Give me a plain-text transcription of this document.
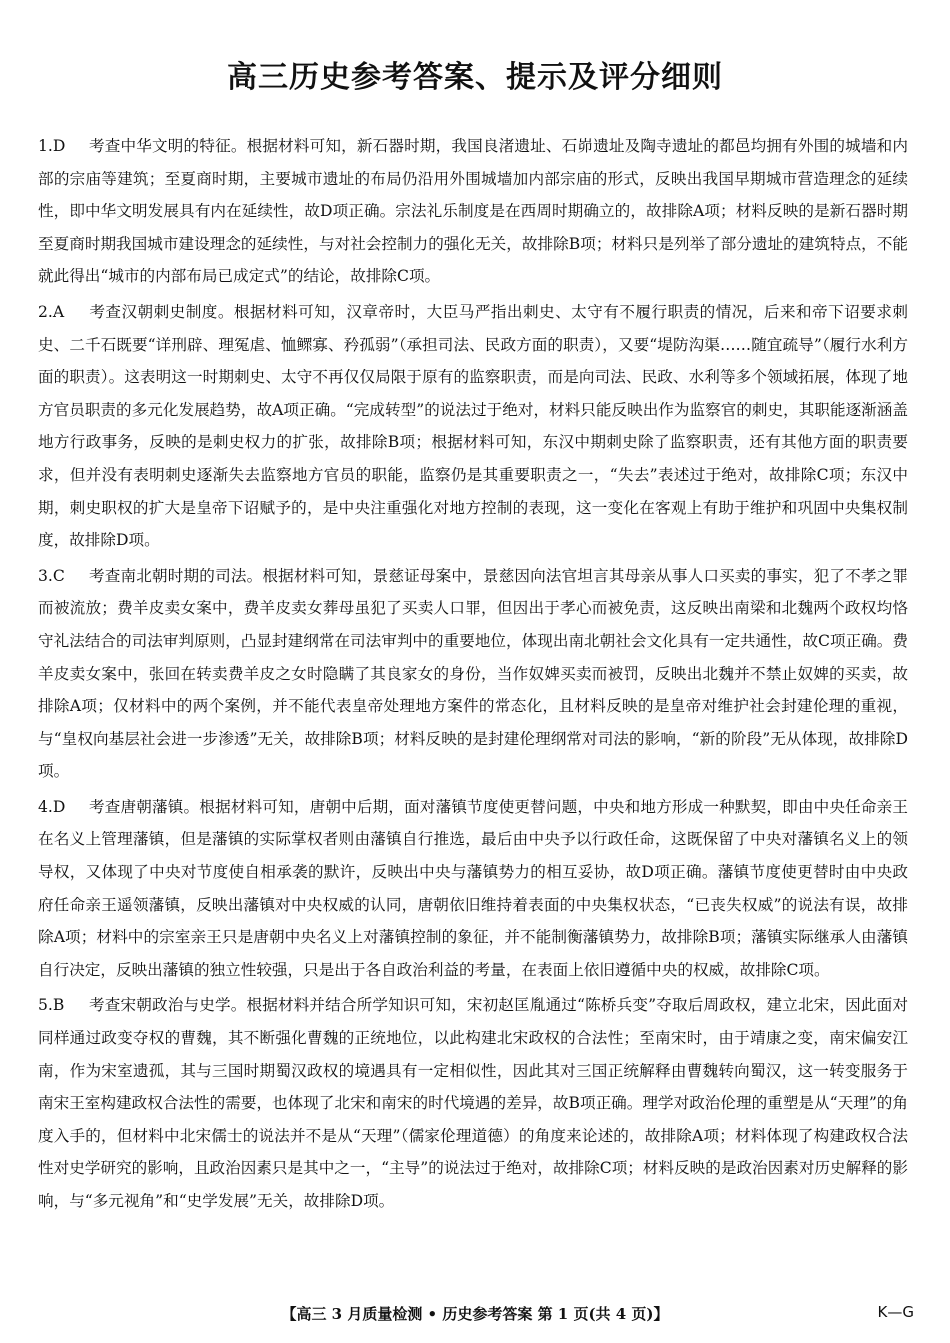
高三历史参考答案、提示及评分细则

1.D 考查中华文明的特征。根据材料可知，新石器时期，我国良渚遗址、石峁遗址及陶寺遗址的都邑均拥有外围的城墙和内部的宗庙等建筑；至夏商时期，主要城市遗址的布局仍沿用外围城墙加内部宗庙的形式，反映出我国早期城市营造理念的延续性，即中华文明发展具有内在延续性，故D项正确。宗法礼乐制度是在西周时期确立的，故排除A项；材料反映的是新石器时期至夏商时期我国城市建设理念的延续性，与对社会控制力的强化无关，故排除B项；材料只是列举了部分遗址的建筑特点，不能就此得出“城市的内部布局已成定式”的结论，故排除C项。

2.A 考查汉朝刺史制度。根据材料可知，汉章帝时，大臣马严指出刺史、太守有不履行职责的情况，后来和帝下诏要求刺史、二千石既要“详刑辟、理冤虐、恤鳏寡、矜孤弱”（承担司法、民政方面的职责），又要“堤防沟渠……随宜疏导”（履行水利方面的职责）。这表明这一时期刺史、太守不再仅仅局限于原有的监察职责，而是向司法、民政、水利等多个领域拓展，体现了地方官员职责的多元化发展趋势，故A项正确。“完成转型”的说法过于绝对，材料只能反映出作为监察官的刺史，其职能逐渐涵盖地方行政事务，反映的是刺史权力的扩张，故排除B项；根据材料可知，东汉中期刺史除了监察职责，还有其他方面的职责要求，但并没有表明刺史逐渐失去监察地方官员的职能，监察仍是其重要职责之一，“失去”表述过于绝对，故排除C项；东汉中期，刺史职权的扩大是皇帝下诏赋予的，是中央注重强化对地方控制的表现，这一变化在客观上有助于维护和巩固中央集权制度，故排除D项。

3.C 考查南北朝时期的司法。根据材料可知，景慈证母案中，景慈因向法官坦言其母亲从事人口买卖的事实，犯了不孝之罪而被流放；费羊皮卖女案中，费羊皮卖女葬母虽犯了买卖人口罪，但因出于孝心而被免责，这反映出南梁和北魏两个政权均恪守礼法结合的司法审判原则，凸显封建纲常在司法审判中的重要地位，体现出南北朝社会文化具有一定共通性，故C项正确。费羊皮卖女案中，张回在转卖费羊皮之女时隐瞒了其良家女的身份，当作奴婢买卖而被罚，反映出北魏并不禁止奴婢的买卖，故排除A项；仅材料中的两个案例，并不能代表皇帝处理地方案件的常态化，且材料反映的是皇帝对维护社会封建伦理的重视，与“皇权向基层社会进一步渗透”无关，故排除B项；材料反映的是封建伦理纲常对司法的影响，“新的阶段”无从体现，故排除D项。

4.D 考查唐朝藩镇。根据材料可知，唐朝中后期，面对藩镇节度使更替问题，中央和地方形成一种默契，即由中央任命亲王在名义上管理藩镇，但是藩镇的实际掌权者则由藩镇自行推选，最后由中央予以行政任命，这既保留了中央对藩镇名义上的领导权，又体现了中央对节度使自相承袭的默许，反映出中央与藩镇势力的相互妥协，故D项正确。藩镇节度使更替时由中央政府任命亲王遥领藩镇，反映出藩镇对中央权威的认同，唐朝依旧维持着表面的中央集权状态，“已丧失权威”的说法有误，故排除A项；材料中的宗室亲王只是唐朝中央名义上对藩镇控制的象征，并不能制衡藩镇势力，故排除B项；藩镇实际继承人由藩镇自行决定，反映出藩镇的独立性较强，只是出于各自政治利益的考量，在表面上依旧遵循中央的权威，故排除C项。

5.B 考查宋朝政治与史学。根据材料并结合所学知识可知，宋初赵匡胤通过“陈桥兵变”夺取后周政权，建立北宋，因此面对同样通过政变夺权的曹魏，其不断强化曹魏的正统地位，以此构建北宋政权的合法性；至南宋时，由于靖康之变，南宋偏安江南，作为宋室遗孤，其与三国时期蜀汉政权的境遇具有一定相似性，因此其对三国正统解释由曹魏转向蜀汉，这一转变服务于南宋王室构建政权合法性的需要，也体现了北宋和南宋的时代境遇的差异，故B项正确。理学对政治伦理的重塑是从“天理”的角度入手的，但材料中北宋儒士的说法并不是从“天理”（儒家伦理道德）的角度来论述的，故排除A项；材料体现了构建政权合法性对史学研究的影响，且政治因素只是其中之一，“主导”的说法过于绝对，故排除C项；材料反映的是政治因素对历史解释的影响，与“多元视角”和“史学发展”无关，故排除D项。

【高三 3 月质量检测 • 历史参考答案 第 1 页(共 4 页)】	K—G
